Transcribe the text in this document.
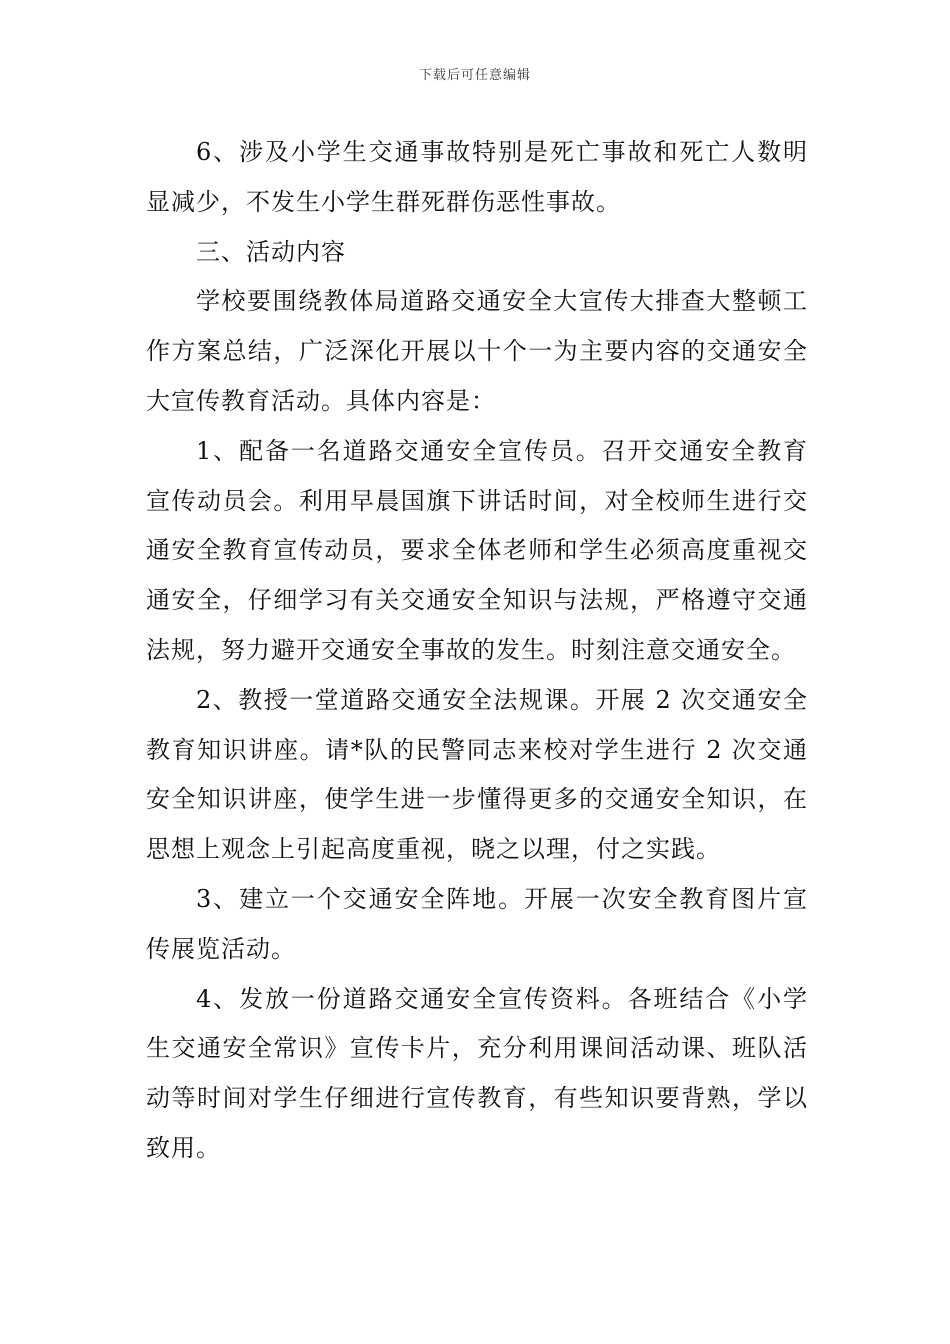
下载后可任意编辑

6、涉及小学生交通事故特别是死亡事故和死亡人数明显减少，不发生小学生群死群伤恶性事故。

三、活动内容

学校要围绕教体局道路交通安全大宣传大排查大整顿工作方案总结，广泛深化开展以十个一为主要内容的交通安全大宣传教育活动。具体内容是：

1、配备一名道路交通安全宣传员。召开交通安全教育宣传动员会。利用早晨国旗下讲话时间，对全校师生进行交通安全教育宣传动员，要求全体老师和学生必须高度重视交通安全，仔细学习有关交通安全知识与法规，严格遵守交通法规，努力避开交通安全事故的发生。时刻注意交通安全。

2、教授一堂道路交通安全法规课。开展 2 次交通安全教育知识讲座。请*队的民警同志来校对学生进行 2 次交通安全知识讲座，使学生进一步懂得更多的交通安全知识，在思想上观念上引起高度重视，晓之以理，付之实践。

3、建立一个交通安全阵地。开展一次安全教育图片宣传展览活动。

4、发放一份道路交通安全宣传资料。各班结合《小学生交通安全常识》宣传卡片，充分利用课间活动课、班队活动等时间对学生仔细进行宣传教育，有些知识要背熟，学以致用。
